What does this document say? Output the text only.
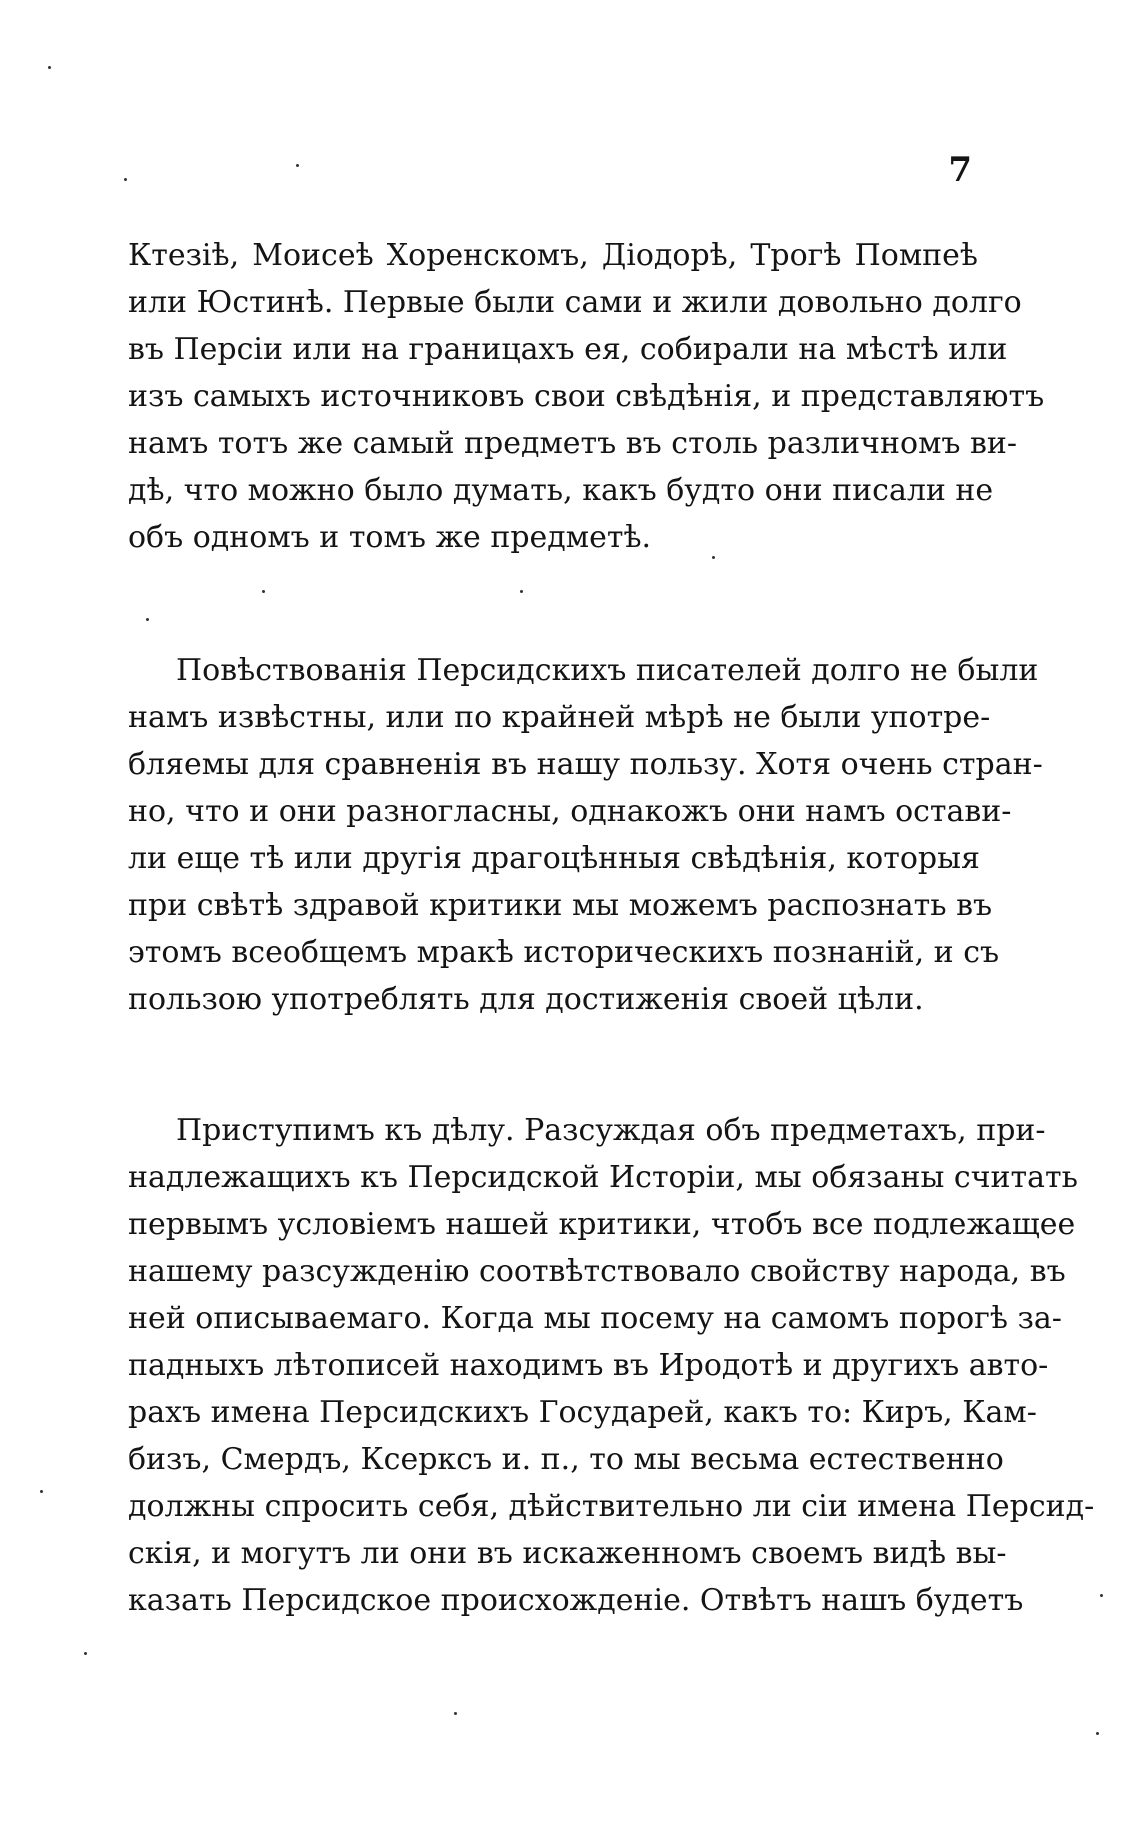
7
Ктезіѣ, Моисеѣ Хоренскомъ, Діодорѣ, Трогѣ Помпеѣ
или Юстинѣ. Первые были сами и жили довольно долго
въ Персіи или на границахъ ея, собирали на мѣстѣ или
изъ самыхъ источниковъ свои свѣдѣнія, и представляютъ
намъ тотъ же самый предметъ въ столь различномъ ви-
дѣ, что можно было думать, какъ будто они писали не
объ одномъ и томъ же предметѣ.
Повѣствованія Персидскихъ писателей долго не были
намъ извѣстны, или по крайней мѣрѣ не были употре-
бляемы для сравненія въ нашу пользу. Хотя очень стран-
но, что и они разногласны, однакожъ они намъ остави-
ли еще тѣ или другія драгоцѣнныя свѣдѣнія, которыя
при свѣтѣ здравой критики мы можемъ распознать въ
этомъ всеобщемъ мракѣ историческихъ познаній, и съ
пользою употреблять для достиженія своей цѣли.
Приступимъ къ дѣлу. Разсуждая объ предметахъ, при-
надлежащихъ къ Персидской Исторіи, мы обязаны считать
первымъ условіемъ нашей критики, чтобъ все подлежащее
нашему разсужденію соотвѣтствовало свойству народа, въ
ней описываемаго. Когда мы посему на самомъ порогѣ за-
падныхъ лѣтописей находимъ въ Иродотѣ и другихъ авто-
рахъ имена Персидскихъ Государей, какъ то: Киръ, Кам-
бизъ, Смердъ, Ксерксъ и. п., то мы весьма естественно
должны спросить себя, дѣйствительно ли сіи имена Персид-
скія, и могутъ ли они въ искаженномъ своемъ видѣ вы-
казать Персидское происхожденіе. Отвѣтъ нашъ будетъ
